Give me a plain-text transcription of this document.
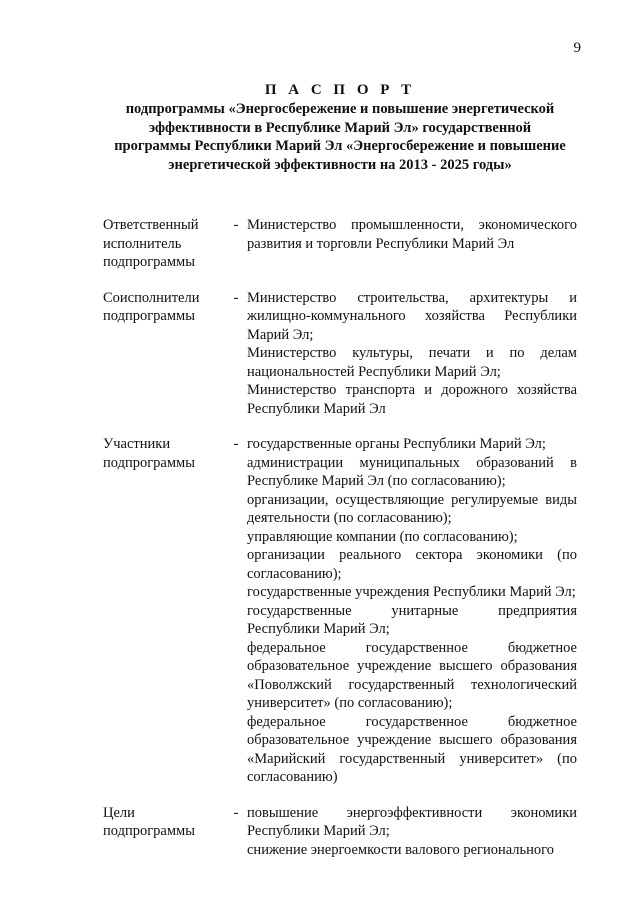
9
П А С П О Р Т
подпрограммы «Энергосбережение и повышение энергетической
эффективности в Республике Марий Эл» государственной
программы Республики Марий Эл «Энергосбережение и повышение
энергетической эффективности на 2013 - 2025 годы»
Ответственный
исполнитель
подпрограммы
- Министерство промышленности, экономического развития и торговли Республики Марий Эл

Соисполнители
подпрограммы
- Министерство строительства, архитектуры и жилищно-коммунального хозяйства Республики Марий Эл;

Министерство культуры, печати и по делам национальностей Республики Марий Эл;

Министерство транспорта и дорожного хозяйства Республики Марий Эл

Участники
подпрограммы
- государственные органы Республики Марий Эл;

администрации муниципальных образований в Республике Марий Эл (по согласованию);

организации, осуществляющие регулируемые виды деятельности (по согласованию);

управляющие компании (по согласованию);

организации реального сектора экономики (по согласованию);

государственные учреждения Республики Марий Эл;

государственные унитарные предприятия Республики Марий Эл;

федеральное государственное бюджетное образовательное учреждение высшего образования «Поволжский государственный технологический университет» (по согласованию);

федеральное государственное бюджетное образовательное учреждение высшего образования «Марийский государственный университет» (по согласованию)

Цели
подпрограммы
- повышение энергоэффективности экономики Республики Марий Эл;

снижение энергоемкости валового регионального
